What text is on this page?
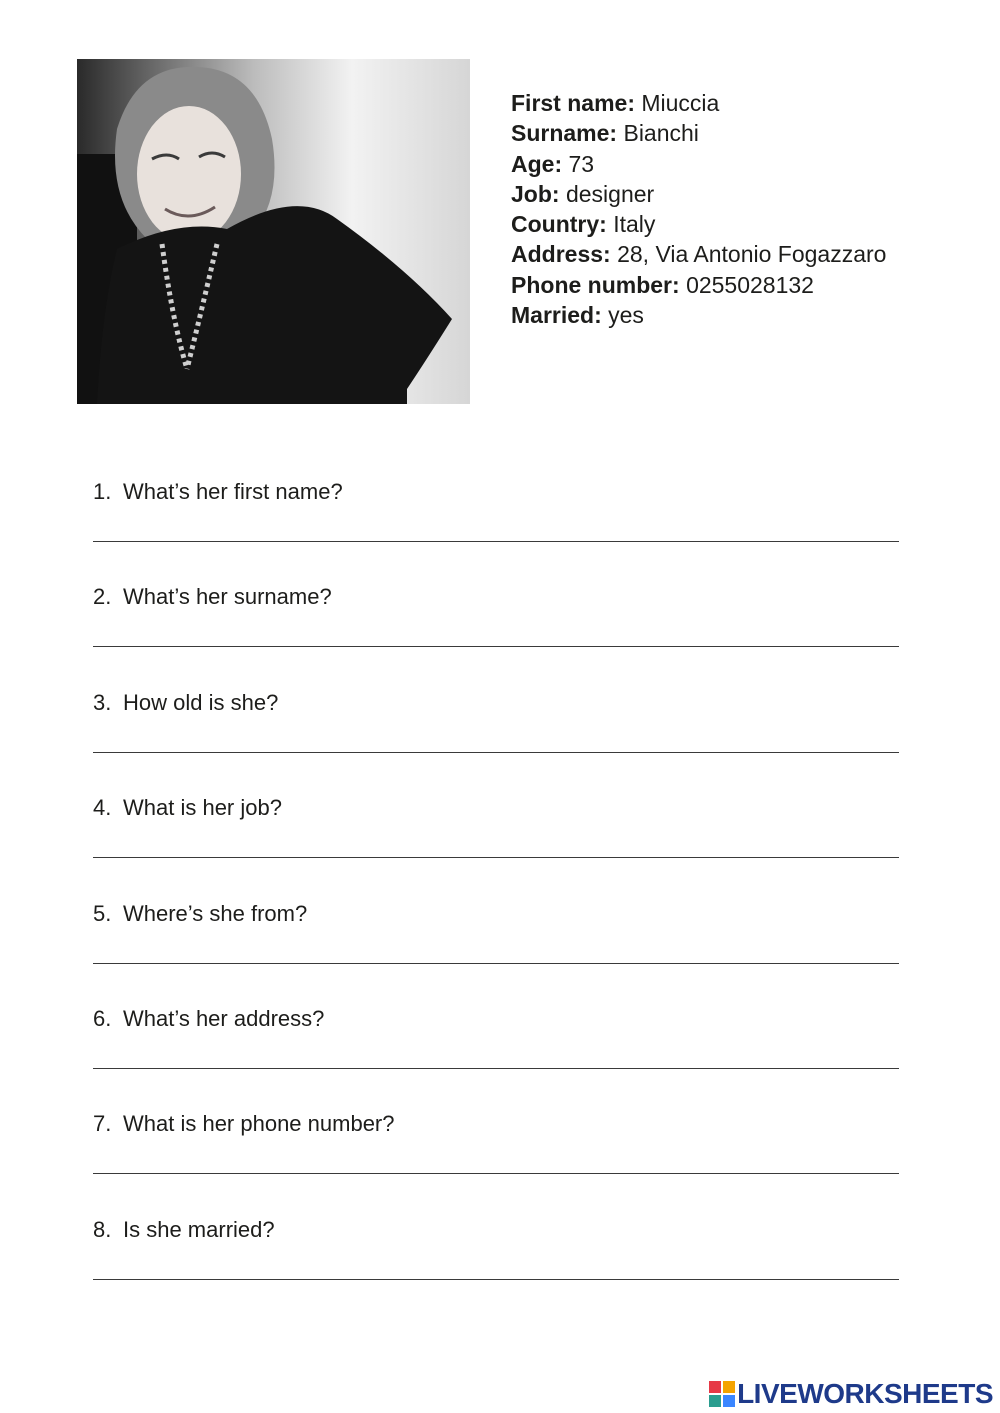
First name: Miuccia
Surname: Bianchi
Age: 73
Job: designer
Country: Italy
Address: 28, Via Antonio Fogazzaro
Phone number: 0255028132
Married: yes
1. What’s her first name?
2. What’s her surname?
3. How old is she?
4. What is her job?
5. Where’s she from?
6. What’s her address?
7. What is her phone number?
8. Is she married?
LIVEWORKSHEETS
